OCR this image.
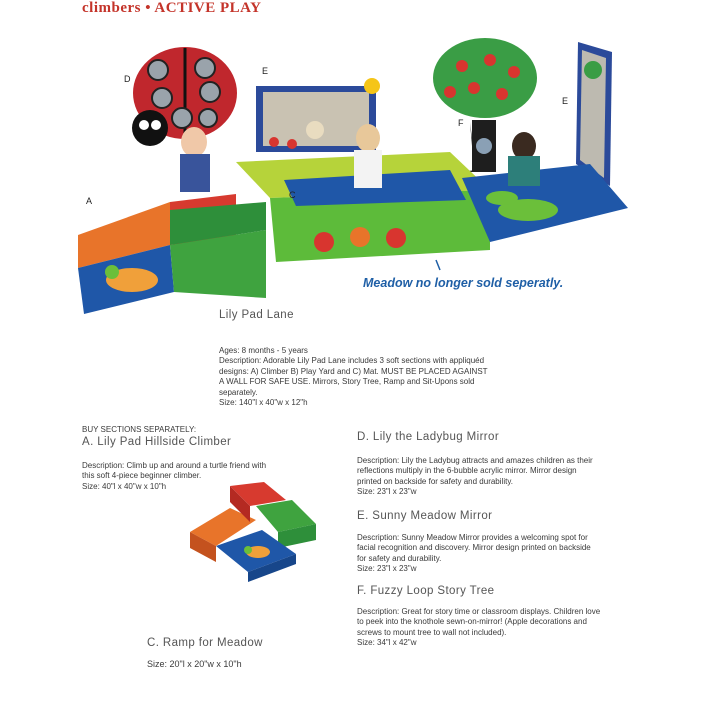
climbers • ACTIVE PLAY
D
E
F
E
A
C
Meadow no longer sold seperatly.
Lily Pad Lane
Ages: 8 months - 5 years
Description: Adorable Lily Pad Lane includes 3 soft sections with appliquéd
designs: A) Climber B) Play Yard and C) Mat. MUST BE PLACED AGAINST
A WALL FOR SAFE USE. Mirrors, Story Tree, Ramp and Sit-Upons sold
separately.
Size: 140"l x 40"w x 12"h
BUY SECTIONS SEPARATELY:
A. Lily Pad Hillside Climber
Description: Climb up and around a turtle friend with
this soft 4-piece beginner climber.
Size: 40"l x 40"w x 10"h
C. Ramp for Meadow
Size: 20"l x 20"w x 10"h
D. Lily the Ladybug Mirror
Description: Lily the Ladybug attracts and amazes children as their
reflections multiply in the 6-bubble acrylic mirror. Mirror design
printed on backside for safety and durability.
Size: 23"l x 23"w
E. Sunny Meadow Mirror
Description: Sunny Meadow Mirror provides a welcoming spot for
facial recognition and discovery. Mirror design printed on backside
for safety and durability.
Size: 23"l x 23"w
F. Fuzzy Loop Story Tree
Description: Great for story time or classroom displays. Children love
to peek into the knothole sewn-on-mirror! (Apple decorations and
screws to mount tree to wall not included).
Size: 34"l x 42"w
